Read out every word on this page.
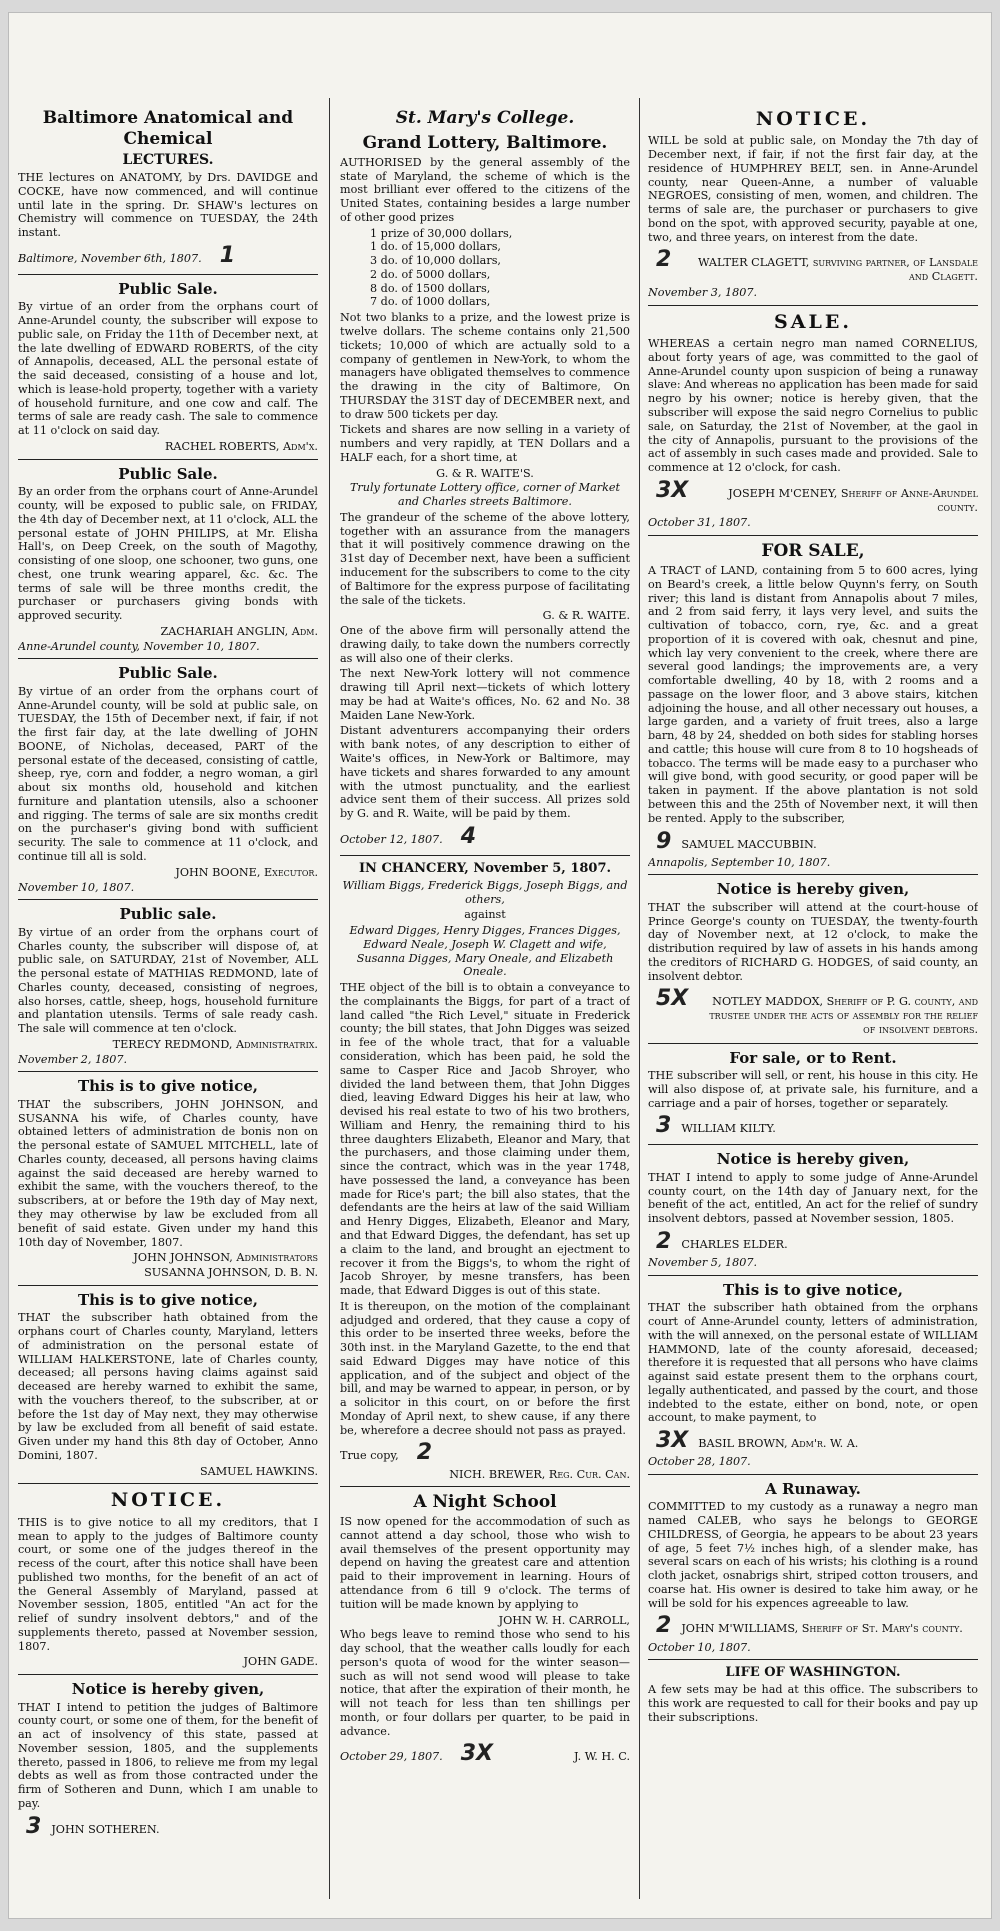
Baltimore Anatomical and Chemical
LECTURES.

THE lectures on ANATOMY, by Drs. DAVIDGE and COCKE, have now commenced, and will continue until late in the spring. Dr. SHAW's lectures on Chemistry will commence on TUESDAY, the 24th instant.

Baltimore, November 6th, 1807. 1
Public Sale.

By virtue of an order from the orphans court of Anne-Arundel county, the subscriber will expose to public sale, on Friday the 11th of December next, at the late dwelling of EDWARD ROBERTS, of the city of Annapolis, deceased, ALL the personal estate of the said deceased, consisting of a house and lot, which is lease-hold property, together with a variety of household furniture, and one cow and calf. The terms of sale are ready cash. The sale to commence at 11 o'clock on said day.

RACHEL ROBERTS, Adm'x.
Public Sale.

By an order from the orphans court of Anne-Arundel county, will be exposed to public sale, on FRIDAY, the 4th day of December next, at 11 o'clock, ALL the personal estate of JOHN PHILIPS, at Mr. Elisha Hall's, on Deep Creek, on the south of Magothy, consisting of one sloop, one schooner, two guns, one chest, one trunk wearing apparel, &c. &c. The terms of sale will be three months credit, the purchaser or purchasers giving bonds with approved security.

ZACHARIAH ANGLIN, Adm.
Anne-Arundel county, November 10, 1807.
Public Sale.

By virtue of an order from the orphans court of Anne-Arundel county, will be sold at public sale, on TUESDAY, the 15th of December next, if fair, if not the first fair day, at the late dwelling of JOHN BOONE, of Nicholas, deceased, PART of the personal estate of the deceased, consisting of cattle, sheep, rye, corn and fodder, a negro woman, a girl about six months old, household and kitchen furniture and plantation utensils, also a schooner and rigging. The terms of sale are six months credit on the purchaser's giving bond with sufficient security. The sale to commence at 11 o'clock, and continue till all is sold.

JOHN BOONE, Executor.
November 10, 1807.
Public sale.

By virtue of an order from the orphans court of Charles county, the subscriber will dispose of, at public sale, on SATURDAY, 21st of November, ALL the personal estate of MATHIAS REDMOND, late of Charles county, deceased, consisting of negroes, also horses, cattle, sheep, hogs, household furniture and plantation utensils. Terms of sale ready cash. The sale will commence at ten o'clock.

TERECY REDMOND, Administratrix.
November 2, 1807.
This is to give notice,

THAT the subscribers, JOHN JOHNSON, and SUSANNA his wife, of Charles county, have obtained letters of administration de bonis non on the personal estate of SAMUEL MITCHELL, late of Charles county, deceased, all persons having claims against the said deceased are hereby warned to exhibit the same, with the vouchers thereof, to the subscribers, at or before the 19th day of May next, they may otherwise by law be excluded from all benefit of said estate. Given under my hand this 10th day of November, 1807.

JOHN JOHNSON, Administrators
SUSANNA JOHNSON, D. B. N.
This is to give notice,

THAT the subscriber hath obtained from the orphans court of Charles county, Maryland, letters of administration on the personal estate of WILLIAM HALKERSTONE, late of Charles county, deceased; all persons having claims against said deceased are hereby warned to exhibit the same, with the vouchers thereof, to the subscriber, at or before the 1st day of May next, they may otherwise by law be excluded from all benefit of said estate. Given under my hand this 8th day of October, Anno Domini, 1807.

SAMUEL HAWKINS.
NOTICE.

THIS is to give notice to all my creditors, that I mean to apply to the judges of Baltimore county court, or some one of the judges thereof in the recess of the court, after this notice shall have been published two months, for the benefit of an act of the General Assembly of Maryland, passed at November session, 1805, entitled "An act for the relief of sundry insolvent debtors," and of the supplements thereto, passed at November session, 1807.

JOHN GADE.
Notice is hereby given,

THAT I intend to petition the judges of Baltimore county court, or some one of them, for the benefit of an act of insolvency of this state, passed at November session, 1805, and the supplements thereto, passed in 1806, to relieve me from my legal debts as well as from those contracted under the firm of Sotheren and Dunn, which I am unable to pay.

3 JOHN SOTHEREN.
St. Mary's College.
Grand Lottery, Baltimore.

AUTHORISED by the general assembly of the state of Maryland, the scheme of which is the most brilliant ever offered to the citizens of the United States, containing besides a large number of other good prizes

1 prize of 30,000 dollars,
1 do. of 15,000 dollars,
3 do. of 10,000 dollars,
2 do. of 5000 dollars,
8 do. of 1500 dollars,
7 do. of 1000 dollars,

Not two blanks to a prize, and the lowest prize is twelve dollars. The scheme contains only 21,500 tickets; 10,000 of which are actually sold to a company of gentlemen in New-York, to whom the managers have obligated themselves to commence the drawing in the city of Baltimore, On THURSDAY the 31ST day of DECEMBER next, and to draw 500 tickets per day.

Tickets and shares are now selling in a variety of numbers and very rapidly, at TEN Dollars and a HALF each, for a short time, at

G. & R. WAITE'S.

Truly fortunate Lottery office, corner of Market and Charles streets Baltimore.

The grandeur of the scheme of the above lottery, together with an assurance from the managers that it will positively commence drawing on the 31st day of December next, have been a sufficient inducement for the subscribers to come to the city of Baltimore for the express purpose of facilitating the sale of the tickets.

G. & R. WAITE.

One of the above firm will personally attend the drawing daily, to take down the numbers correctly as will also one of their clerks.

The next New-York lottery will not commence drawing till April next—tickets of which lottery may be had at Waite's offices, No. 62 and No. 38 Maiden Lane New-York.

Distant adventurers accompanying their orders with bank notes, of any description to either of Waite's offices, in New-York or Baltimore, may have tickets and shares forwarded to any amount with the utmost punctuality, and the earliest advice sent them of their success. All prizes sold by G. and R. Waite, will be paid by them.

October 12, 1807. 4
IN CHANCERY, November 5, 1807.

William Biggs, Frederick Biggs, Joseph Biggs, and others,

against

Edward Digges, Henry Digges, Frances Digges, Edward Neale, Joseph W. Clagett and wife, Susanna Digges, Mary Oneale, and Elizabeth Oneale.

THE object of the bill is to obtain a conveyance to the complainants the Biggs, for part of a tract of land called "the Rich Level," situate in Frederick county; the bill states, that John Digges was seized in fee of the whole tract, that for a valuable consideration, which has been paid, he sold the same to Casper Rice and Jacob Shroyer, who divided the land between them, that John Digges died, leaving Edward Digges his heir at law, who devised his real estate to two of his two brothers, William and Henry, the remaining third to his three daughters Elizabeth, Eleanor and Mary, that the purchasers, and those claiming under them, since the contract, which was in the year 1748, have possessed the land, a conveyance has been made for Rice's part; the bill also states, that the defendants are the heirs at law of the said William and Henry Digges, Elizabeth, Eleanor and Mary, and that Edward Digges, the defendant, has set up a claim to the land, and brought an ejectment to recover it from the Biggs's, to whom the right of Jacob Shroyer, by mesne transfers, has been made, that Edward Digges is out of this state.

It is thereupon, on the motion of the complainant adjudged and ordered, that they cause a copy of this order to be inserted three weeks, before the 30th inst. in the Maryland Gazette, to the end that said Edward Digges may have notice of this application, and of the subject and object of the bill, and may be warned to appear, in person, or by a solicitor in this court, on or before the first Monday of April next, to shew cause, if any there be, wherefore a decree should not pass as prayed.

True copy, 2
NICH. BREWER, Reg. Cur. Can.
A Night School

IS now opened for the accommodation of such as cannot attend a day school, those who wish to avail themselves of the present opportunity may depend on having the greatest care and attention paid to their improvement in learning. Hours of attendance from 6 till 9 o'clock. The terms of tuition will be made known by applying to

JOHN W. H. CARROLL,

Who begs leave to remind those who send to his day school, that the weather calls loudly for each person's quota of wood for the winter season—such as will not send wood will please to take notice, that after the expiration of their month, he will not teach for less than ten shillings per month, or four dollars per quarter, to be paid in advance.

October 29, 1807. 3X	J. W. H. C.
NOTICE.

WILL be sold at public sale, on Monday the 7th day of December next, if fair, if not the first fair day, at the residence of HUMPHREY BELT, sen. in Anne-Arundel county, near Queen-Anne, a number of valuable NEGROES, consisting of men, women, and children. The terms of sale are, the purchaser or purchasers to give bond on the spot, with approved security, payable at one, two, and three years, on interest from the date.

2	WALTER CLAGETT, surviving partner, of Lansdale and Clagett.
November 3, 1807.
SALE.

WHEREAS a certain negro man named CORNELIUS, about forty years of age, was committed to the gaol of Anne-Arundel county upon suspicion of being a runaway slave: And whereas no application has been made for said negro by his owner; notice is hereby given, that the subscriber will expose the said negro Cornelius to public sale, on Saturday, the 21st of November, at the gaol in the city of Annapolis, pursuant to the provisions of the act of assembly in such cases made and provided. Sale to commence at 12 o'clock, for cash.

3X	JOSEPH M'CENEY, Sheriff of Anne-Arundel county.
October 31, 1807.
FOR SALE,

A TRACT of LAND, containing from 5 to 600 acres, lying on Beard's creek, a little below Quynn's ferry, on South river; this land is distant from Annapolis about 7 miles, and 2 from said ferry, it lays very level, and suits the cultivation of tobacco, corn, rye, &c. and a great proportion of it is covered with oak, chesnut and pine, which lay very convenient to the creek, where there are several good landings; the improvements are, a very comfortable dwelling, 40 by 18, with 2 rooms and a passage on the lower floor, and 3 above stairs, kitchen adjoining the house, and all other necessary out houses, a large garden, and a variety of fruit trees, also a large barn, 48 by 24, shedded on both sides for stabling horses and cattle; this house will cure from 8 to 10 hogsheads of tobacco. The terms will be made easy to a purchaser who will give bond, with good security, or good paper will be taken in payment. If the above plantation is not sold between this and the 25th of November next, it will then be rented. Apply to the subscriber,

9 SAMUEL MACCUBBIN.
Annapolis, September 10, 1807.
Notice is hereby given,

THAT the subscriber will attend at the court-house of Prince George's county on TUESDAY, the twenty-fourth day of November next, at 12 o'clock, to make the distribution required by law of assets in his hands among the creditors of RICHARD G. HODGES, of said county, an insolvent debtor.

5X	NOTLEY MADDOX, Sheriff of P. G. county, and trustee under the acts of assembly for the relief of insolvent debtors.
For sale, or to Rent.

THE subscriber will sell, or rent, his house in this city. He will also dispose of, at private sale, his furniture, and a carriage and a pair of horses, together or separately.

3 WILLIAM KILTY.
Notice is hereby given,

THAT I intend to apply to some judge of Anne-Arundel county court, on the 14th day of January next, for the benefit of the act, entitled, An act for the relief of sundry insolvent debtors, passed at November session, 1805.

2 CHARLES ELDER.
November 5, 1807.
This is to give notice,

THAT the subscriber hath obtained from the orphans court of Anne-Arundel county, letters of administration, with the will annexed, on the personal estate of WILLIAM HAMMOND, late of the county aforesaid, deceased; therefore it is requested that all persons who have claims against said estate present them to the orphans court, legally authenticated, and passed by the court, and those indebted to the estate, either on bond, note, or open account, to make payment, to

3X BASIL BROWN, Adm'r. W. A.
October 28, 1807.
A Runaway.

COMMITTED to my custody as a runaway a negro man named CALEB, who says he belongs to GEORGE CHILDRESS, of Georgia, he appears to be about 23 years of age, 5 feet 7½ inches high, of a slender make, has several scars on each of his wrists; his clothing is a round cloth jacket, osnabrigs shirt, striped cotton trousers, and coarse hat. His owner is desired to take him away, or he will be sold for his expences agreeable to law.

2 JOHN M'WILLIAMS, Sheriff of St. Mary's county.
October 10, 1807.
LIFE OF WASHINGTON.

A few sets may be had at this office. The subscribers to this work are requested to call for their books and pay up their subscriptions.
